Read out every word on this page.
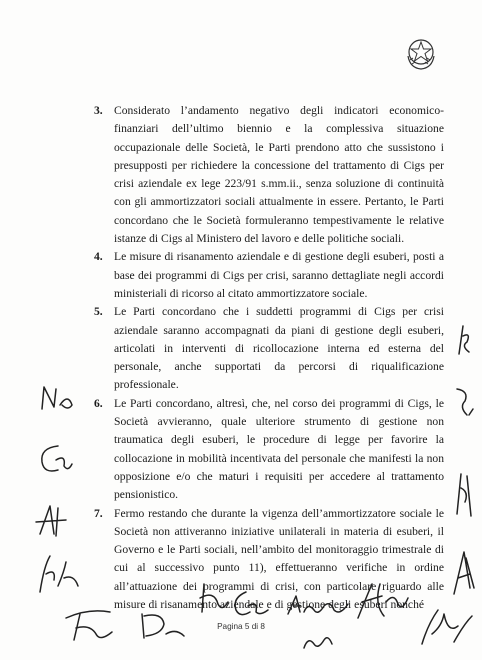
3. Considerato l’andamento negativo degli indicatori economico-finanziari dell’ultimo biennio e la complessiva situazione occupazionale delle Società, le Parti prendono atto che sussistono i presupposti per richiedere la concessione del trattamento di Cigs per crisi aziendale ex lege 223/91 s.mm.ii., senza soluzione di continuità con gli ammortizzatori sociali attualmente in essere. Pertanto, le Parti concordano che le Società formuleranno tempestivamente le relative istanze di Cigs al Ministero del lavoro e delle politiche sociali.

4. Le misure di risanamento aziendale e di gestione degli esuberi, posti a base dei programmi di Cigs per crisi, saranno dettagliate negli accordi ministeriali di ricorso al citato ammortizzatore sociale.

5. Le Parti concordano che i suddetti programmi di Cigs per crisi aziendale saranno accompagnati da piani di gestione degli esuberi, articolati in interventi di ricollocazione interna ed esterna del personale, anche supportati da percorsi di riqualificazione professionale.

6. Le Parti concordano, altresì, che, nel corso dei programmi di Cigs, le Società avvieranno, quale ulteriore strumento di gestione non traumatica degli esuberi, le procedure di legge per favorire la collocazione in mobilità incentivata del personale che manifesti la non opposizione e/o che maturi i requisiti per accedere al trattamento pensionistico.

7. Fermo restando che durante la vigenza dell’ammortizzatore sociale le Società non attiveranno iniziative unilaterali in materia di esuberi, il Governo e le Parti sociali, nell’ambito del monitoraggio trimestrale di cui al successivo punto 11), effettueranno verifiche in ordine all’attuazione dei programmi di crisi, con particolare riguardo alle misure di risanamento aziendale e di gestione degli esuberi nonché

Pagina 5 di 8
